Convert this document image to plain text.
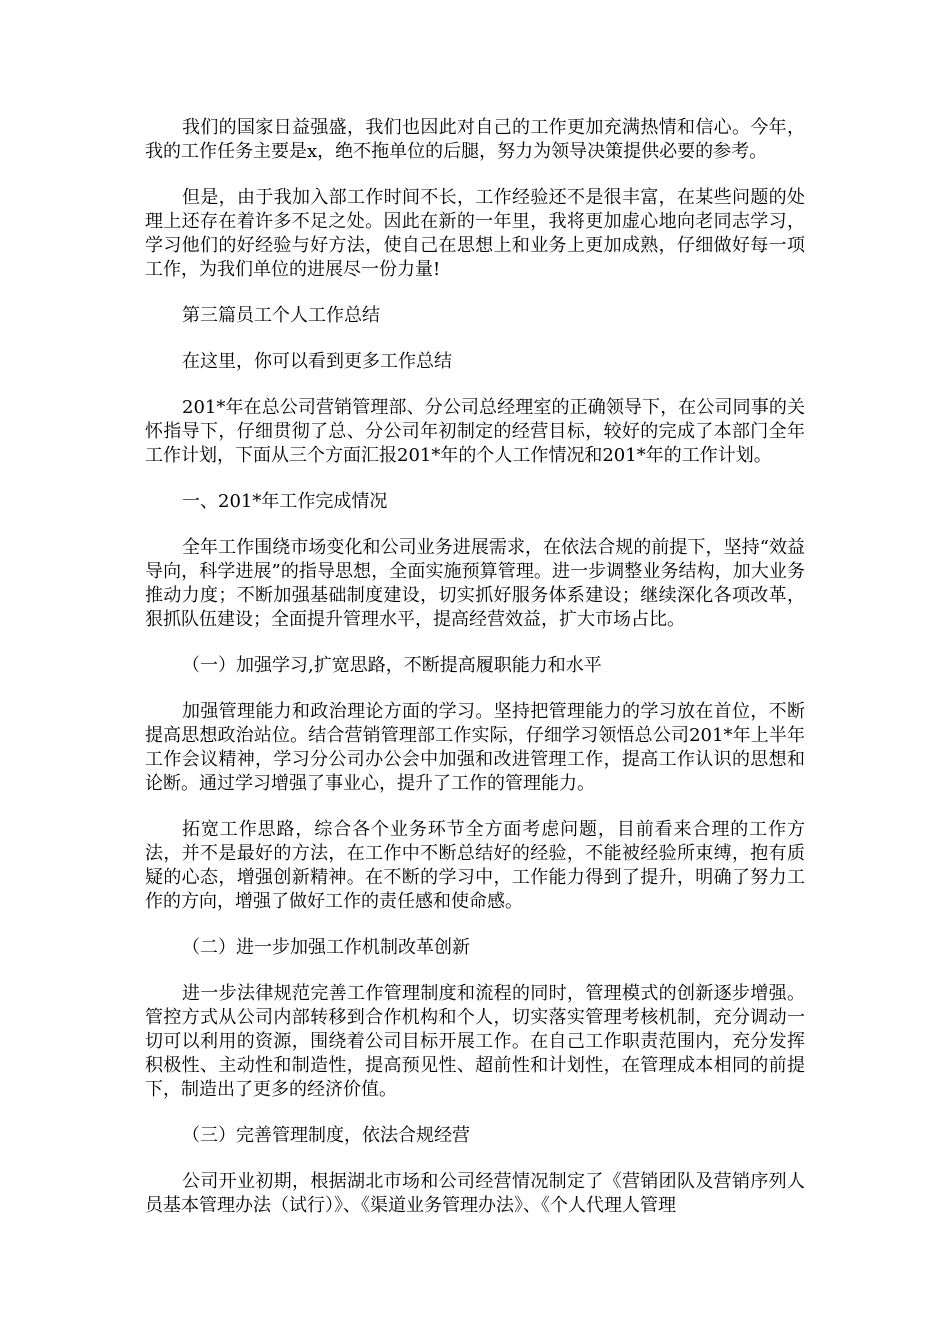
我们的国家日益强盛，我们也因此对自己的工作更加充满热情和信心。今年，我的工作任务主要是x，绝不拖单位的后腿，努力为领导决策提供必要的参考。

但是，由于我加入部工作时间不长，工作经验还不是很丰富，在某些问题的处理上还存在着许多不足之处。因此在新的一年里，我将更加虚心地向老同志学习，学习他们的好经验与好方法，使自己在思想上和业务上更加成熟，仔细做好每一项工作，为我们单位的进展尽一份力量!

第三篇员工个人工作总结

在这里，你可以看到更多工作总结

201*年在总公司营销管理部、分公司总经理室的正确领导下，在公司同事的关怀指导下，仔细贯彻了总、分公司年初制定的经营目标，较好的完成了本部门全年工作计划，下面从三个方面汇报201*年的个人工作情况和201*年的工作计划。

一、201*年工作完成情况

全年工作围绕市场变化和公司业务进展需求，在依法合规的前提下，坚持“效益导向，科学进展”的指导思想，全面实施预算管理。进一步调整业务结构，加大业务推动力度；不断加强基础制度建设，切实抓好服务体系建设；继续深化各项改革，狠抓队伍建设；全面提升管理水平，提高经营效益，扩大市场占比。

（一）加强学习,扩宽思路，不断提高履职能力和水平

加强管理能力和政治理论方面的学习。坚持把管理能力的学习放在首位，不断提高思想政治站位。结合营销管理部工作实际，仔细学习领悟总公司201*年上半年工作会议精神，学习分公司办公会中加强和改进管理工作，提高工作认识的思想和论断。通过学习增强了事业心，提升了工作的管理能力。

拓宽工作思路，综合各个业务环节全方面考虑问题，目前看来合理的工作方法，并不是最好的方法，在工作中不断总结好的经验，不能被经验所束缚，抱有质疑的心态，增强创新精神。在不断的学习中，工作能力得到了提升，明确了努力工作的方向，增强了做好工作的责任感和使命感。

（二）进一步加强工作机制改革创新

进一步法律规范完善工作管理制度和流程的同时，管理模式的创新逐步增强。管控方式从公司内部转移到合作机构和个人，切实落实管理考核机制，充分调动一切可以利用的资源，围绕着公司目标开展工作。在自己工作职责范围内，充分发挥积极性、主动性和制造性，提高预见性、超前性和计划性，在管理成本相同的前提下，制造出了更多的经济价值。

（三）完善管理制度，依法合规经营

公司开业初期，根据湖北市场和公司经营情况制定了《营销团队及营销序列人员基本管理办法（试行）》、《渠道业务管理办法》、《个人代理人管理
